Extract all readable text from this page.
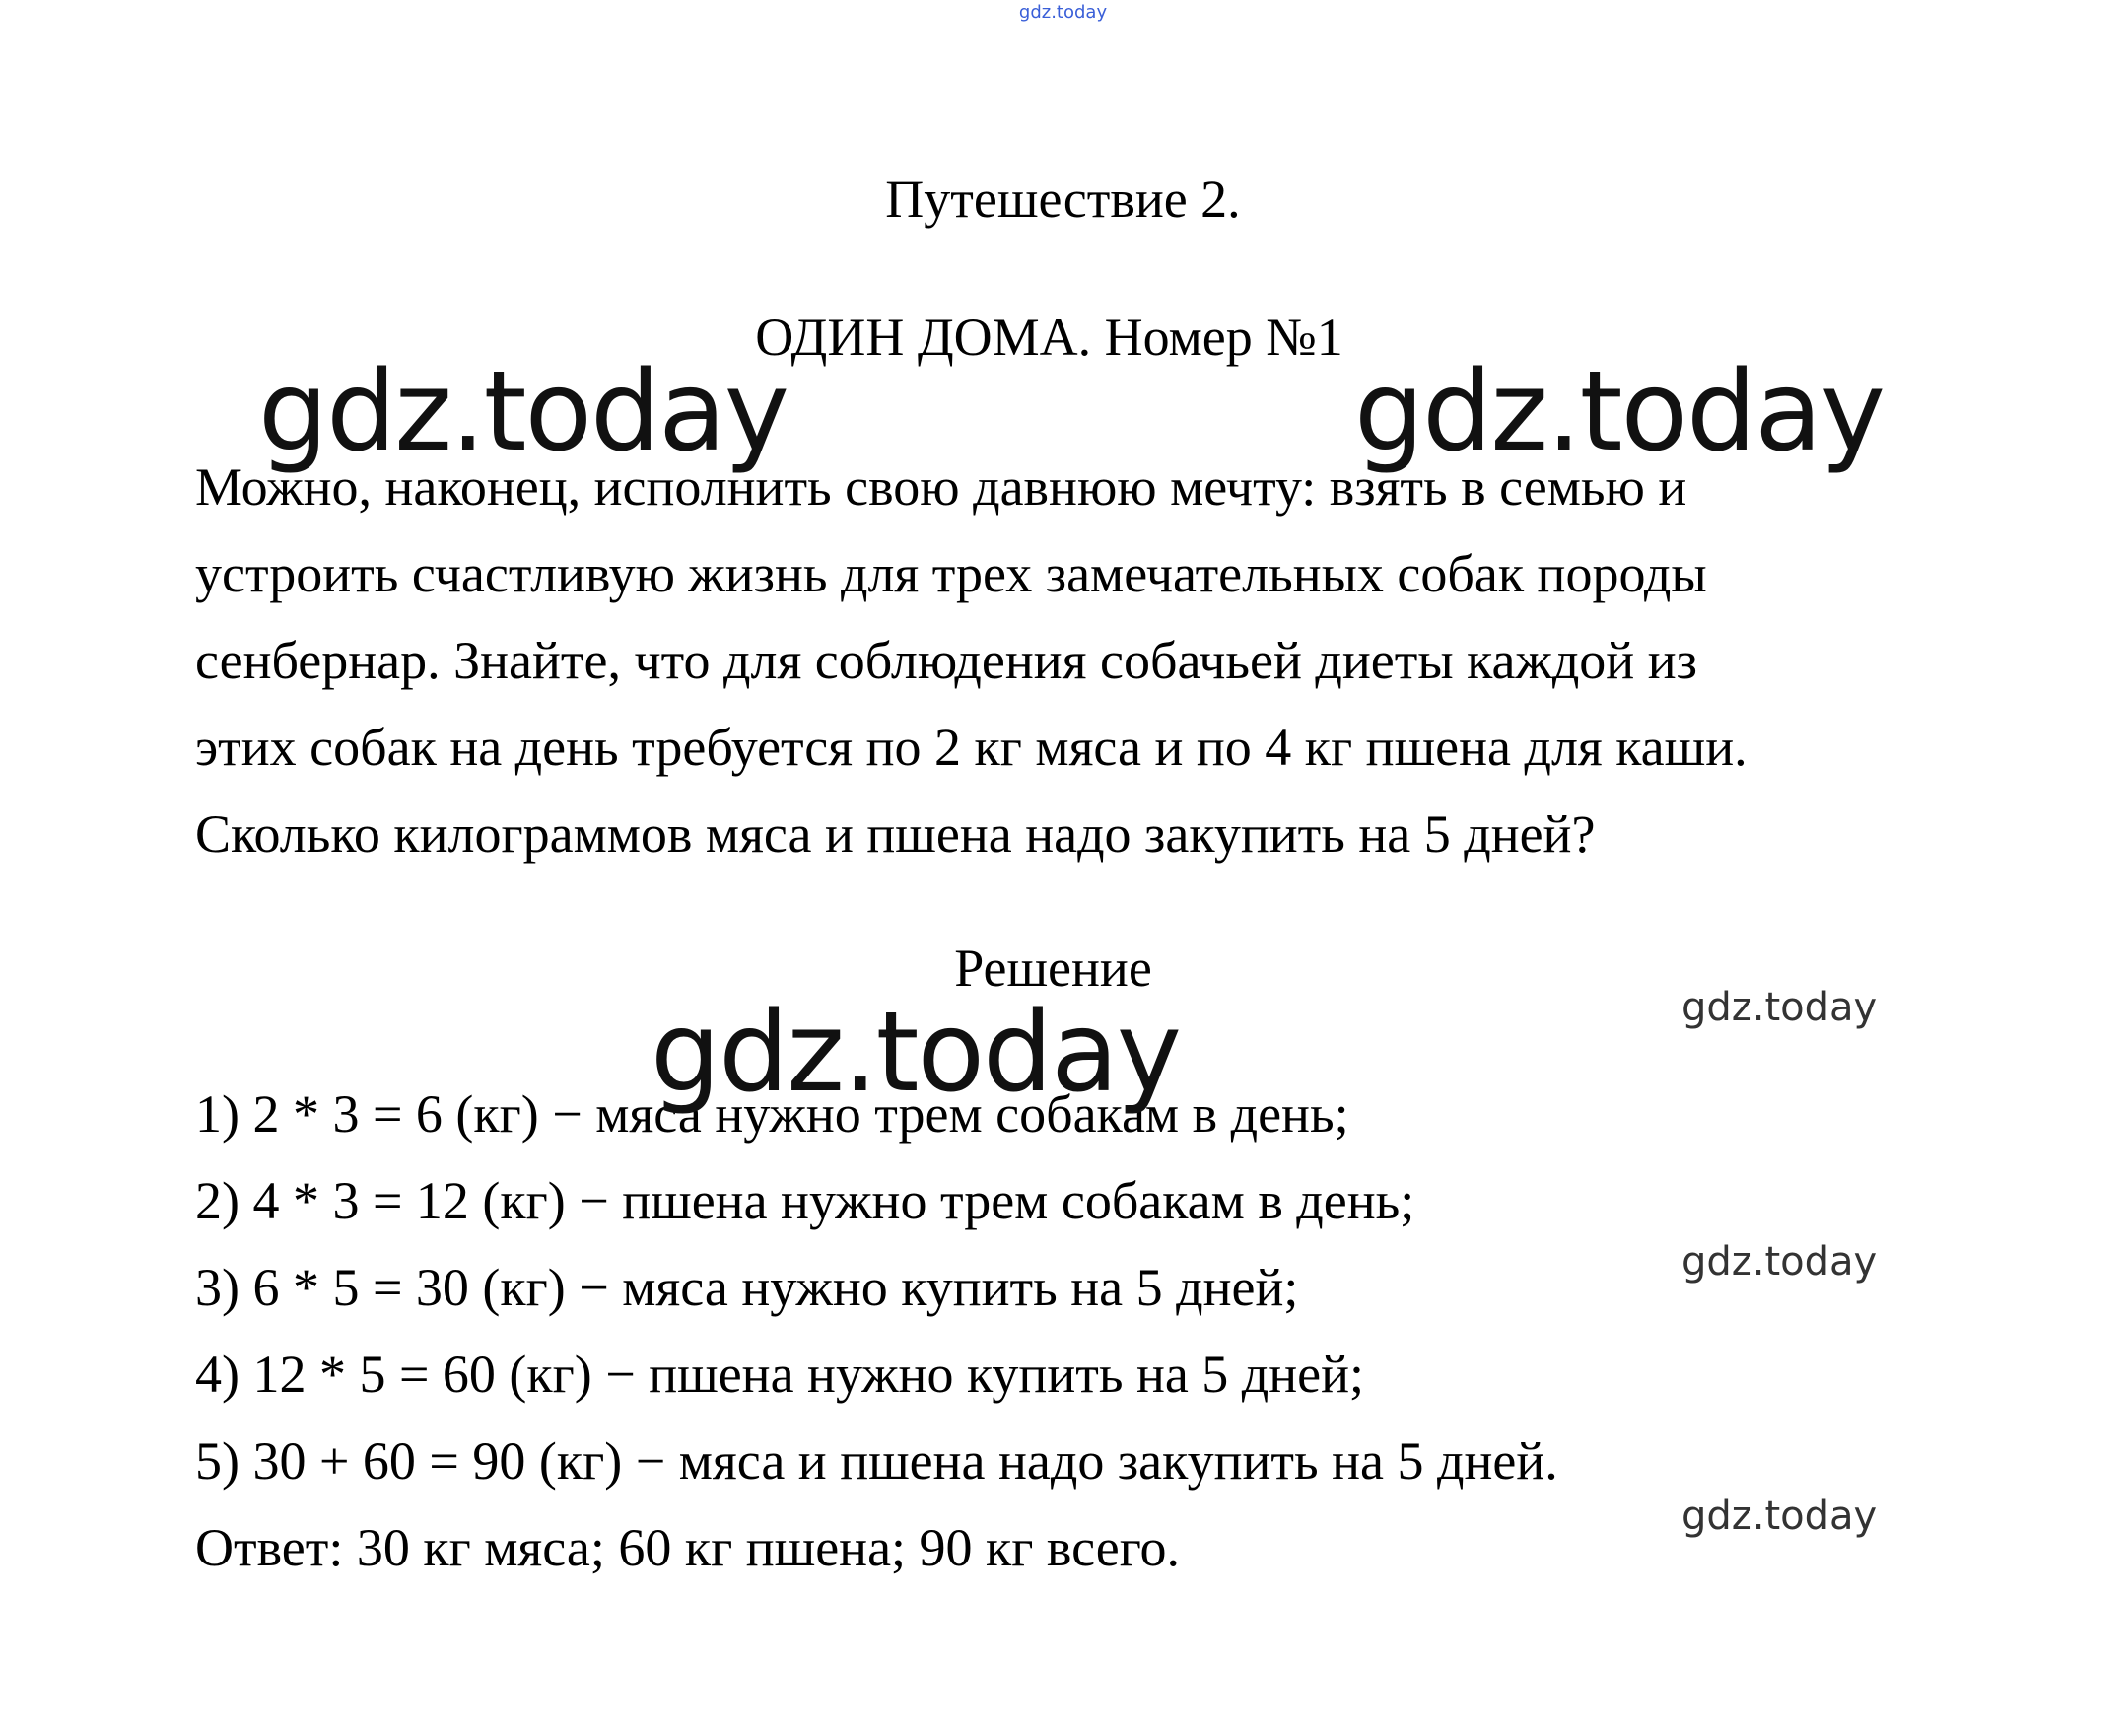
gdz.today
Путешествие 2.
ОДИН ДОМА. Номер №1
Можно, наконец, исполнить свою давнюю мечту: взять в семью и
устроить счастливую жизнь для трех замечательных собак породы
сенбернар. Знайте, что для соблюдения собачьей диеты каждой из
этих собак на день требуется по 2 кг мяса и по 4 кг пшена для каши.
Сколько килограммов мяса и пшена надо закупить на 5 дней?
Решение
1) 2 * 3 = 6 (кг) − мяса нужно трем собакам в день;
2) 4 * 3 = 12 (кг) − пшена нужно трем собакам в день;
3) 6 * 5 = 30 (кг) − мяса нужно купить на 5 дней;
4) 12 * 5 = 60 (кг) − пшена нужно купить на 5 дней;
5) 30 + 60 = 90 (кг) − мяса и пшена надо закупить на 5 дней.
Ответ: 30 кг мяса; 60 кг пшена; 90 кг всего.
gdz.today	gdz.today
gdz.today	gdz.today
gdz.today
gdz.today
